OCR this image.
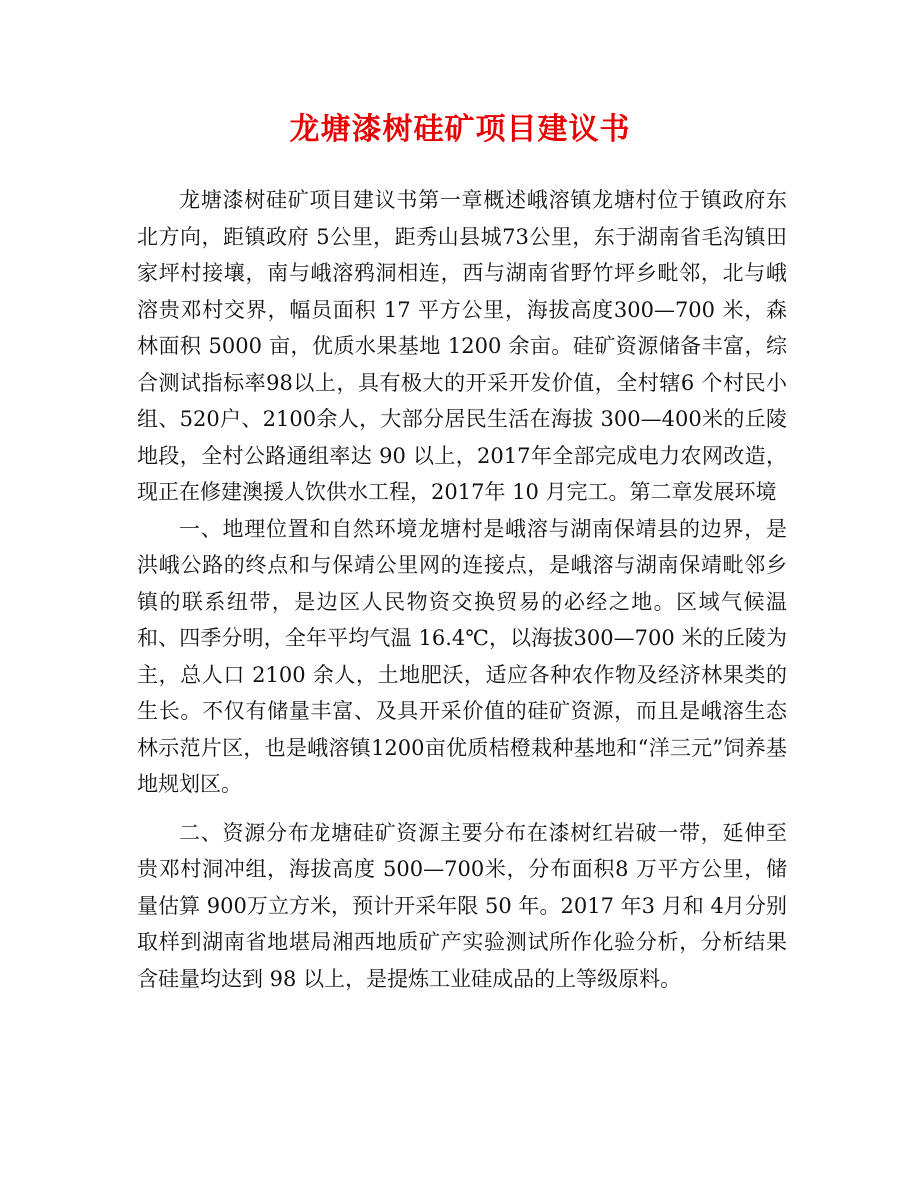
龙塘漆树硅矿项目建议书

龙塘漆树硅矿项目建议书第一章概述峨溶镇龙塘村位于镇政府东北方向，距镇政府 5公里，距秀山县城73公里，东于湖南省毛沟镇田家坪村接壤，南与峨溶鸦洞相连，西与湖南省野竹坪乡毗邻，北与峨溶贵邓村交界，幅员面积 17 平方公里，海拔高度300—700 米，森林面积 5000 亩，优质水果基地 1200 余亩。硅矿资源储备丰富，综合测试指标率98以上，具有极大的开采开发价值，全村辖6 个村民小组、520户、2100余人，大部分居民生活在海拔 300—400米的丘陵地段，全村公路通组率达 90 以上，2017年全部完成电力农网改造，现正在修建澳援人饮供水工程，2017年 10 月完工。第二章发展环境

一、地理位置和自然环境龙塘村是峨溶与湖南保靖县的边界，是洪峨公路的终点和与保靖公里网的连接点，是峨溶与湖南保靖毗邻乡镇的联系纽带，是边区人民物资交换贸易的必经之地。区域气候温和、四季分明，全年平均气温 16.4℃，以海拔300—700 米的丘陵为主，总人口 2100 余人，土地肥沃，适应各种农作物及经济林果类的生长。不仅有储量丰富、及具开采价值的硅矿资源，而且是峨溶生态林示范片区，也是峨溶镇1200亩优质桔橙栽种基地和“洋三元”饲养基地规划区。

二、资源分布龙塘硅矿资源主要分布在漆树红岩破一带，延伸至贵邓村洞冲组，海拔高度 500—700米，分布面积8 万平方公里，储量估算 900万立方米，预计开采年限 50 年。2017 年3 月和 4月分别取样到湖南省地堪局湘西地质矿产实验测试所作化验分析，分析结果含硅量均达到 98 以上，是提炼工业硅成品的上等级原料。
